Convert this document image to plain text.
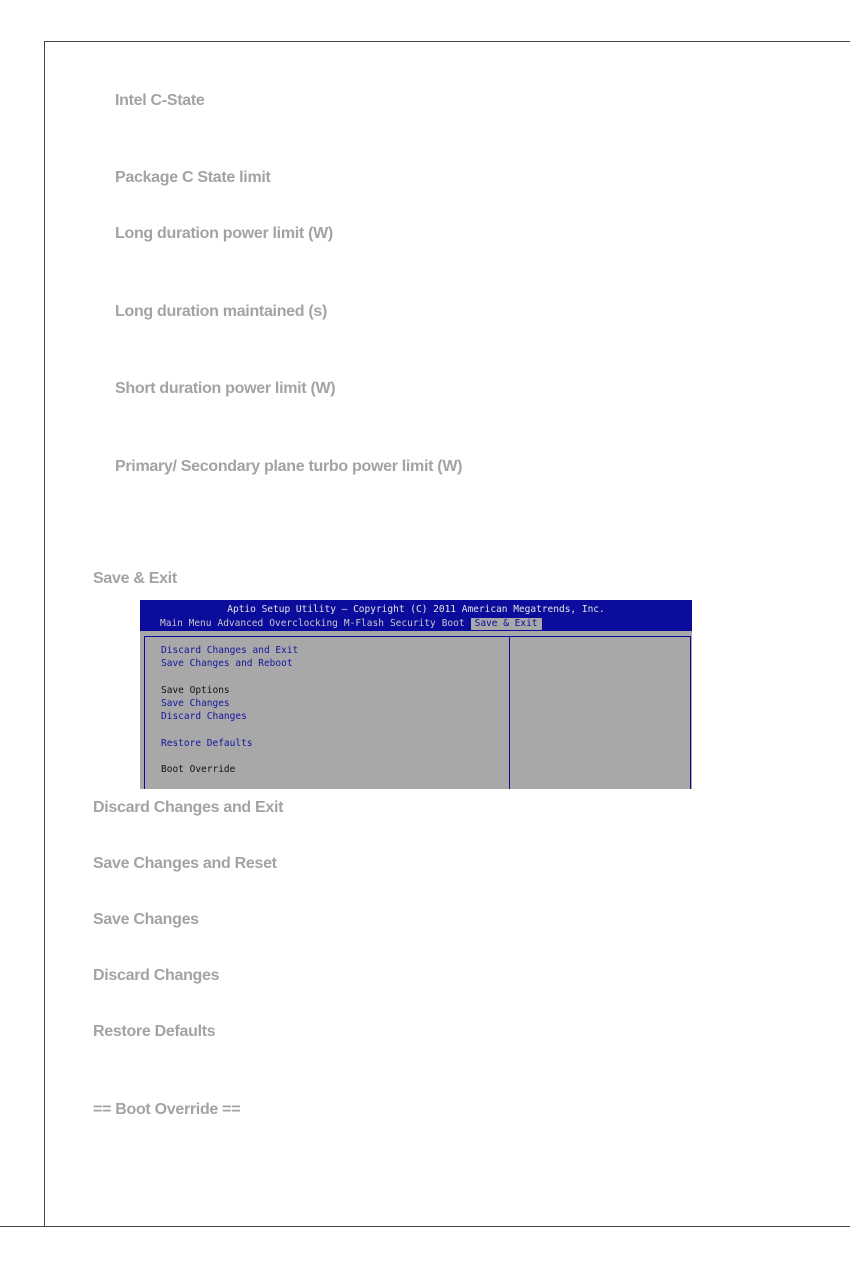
Intel C-State
Package C State limit
Long duration power limit (W)
Long duration maintained (s)
Short duration power limit (W)
Primary/ Secondary plane turbo power limit (W)
Save & Exit
Aptio Setup Utility – Copyright (C) 2011 American Megatrends, Inc.
Main Menu Advanced Overclocking M-Flash Security Boot	Save & Exit
Discard Changes and Exit
Save Changes and Reboot
Save Options
Save Changes
Discard Changes
Restore Defaults
Boot Override
Discard Changes and Exit
Save Changes and Reset
Save Changes
Discard Changes
Restore Defaults
== Boot Override ==
